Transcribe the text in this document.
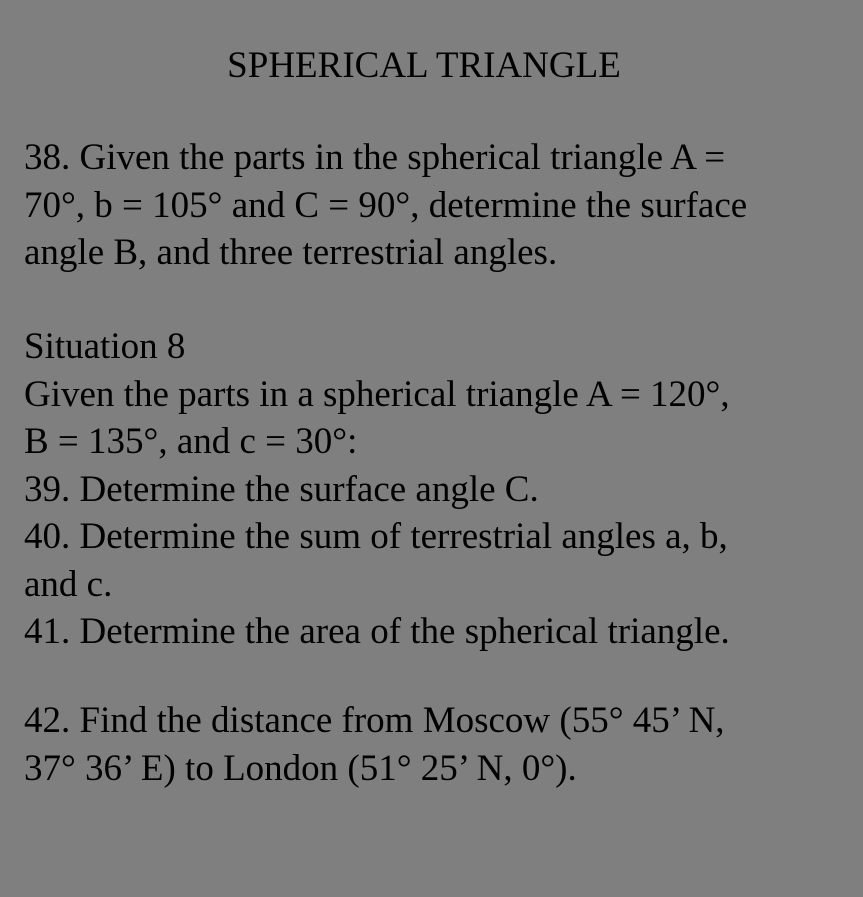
SPHERICAL TRIANGLE
38. Given the parts in the spherical triangle A =
70°, b = 105° and C = 90°, determine the surface
angle B, and three terrestrial angles.
Situation 8
Given the parts in a spherical triangle A = 120°,
B = 135°, and c = 30°:
39. Determine the surface angle C.
40. Determine the sum of terrestrial angles a, b,
and c.
41. Determine the area of the spherical triangle.
42. Find the distance from Moscow (55° 45’ N,
37° 36’ E) to London (51° 25’ N, 0°).
